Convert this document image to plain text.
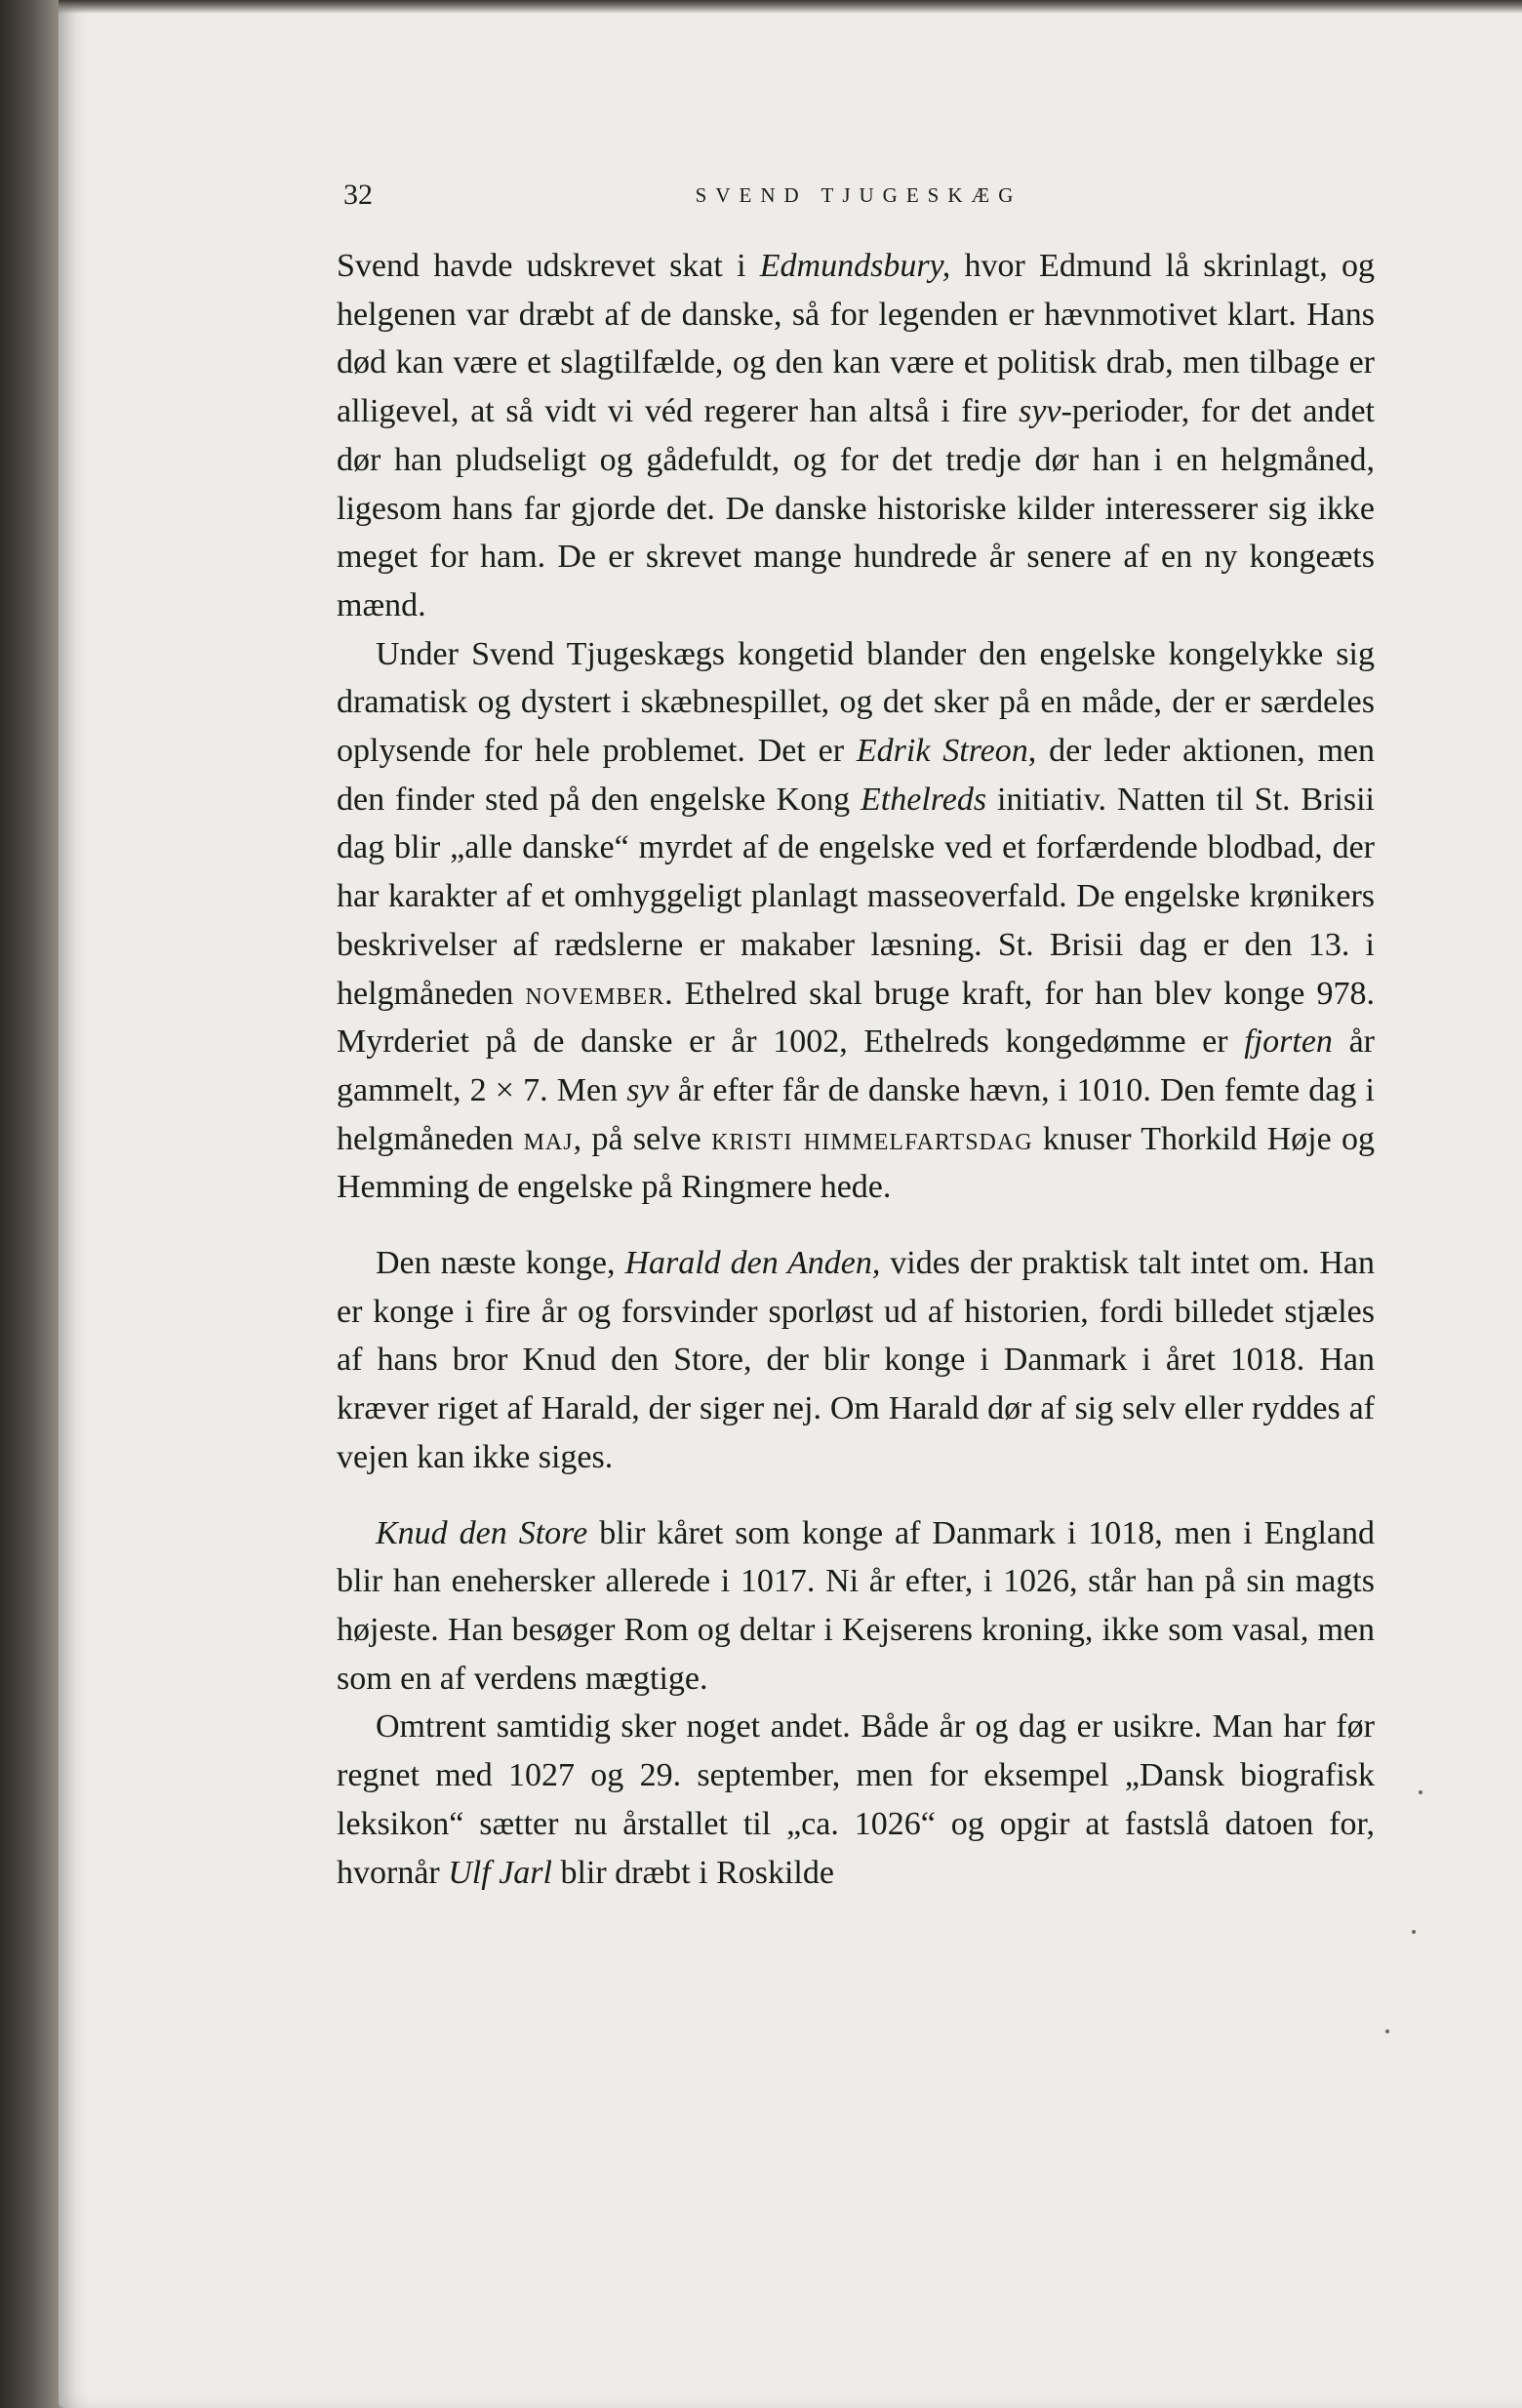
32	SVEND TJUGESKÆG

Svend havde udskrevet skat i Edmundsbury, hvor Edmund lå skrinlagt, og helgenen var dræbt af de danske, så for legenden er hævnmotivet klart. Hans død kan være et slagtilfælde, og den kan være et politisk drab, men tilbage er alligevel, at så vidt vi véd regerer han altså i fire syv-perioder, for det andet dør han pludseligt og gådefuldt, og for det tredje dør han i en helgmåned, ligesom hans far gjorde det. De danske historiske kilder interesserer sig ikke meget for ham. De er skrevet mange hundrede år senere af en ny kongeæts mænd.

Under Svend Tjugeskægs kongetid blander den engelske kongelykke sig dramatisk og dystert i skæbnespillet, og det sker på en måde, der er særdeles oplysende for hele problemet. Det er Edrik Streon, der leder aktionen, men den finder sted på den engelske Kong Ethelreds initiativ. Natten til St. Brisii dag blir „alle danske“ myrdet af de engelske ved et forfærdende blodbad, der har karakter af et omhyggeligt planlagt masseoverfald. De engelske krønikers beskrivelser af rædslerne er makaber læsning. St. Brisii dag er den 13. i helgmåneden november. Ethelred skal bruge kraft, for han blev konge 978. Myrderiet på de danske er år 1002, Ethelreds kongedømme er fjorten år gammelt, 2 × 7. Men syv år efter får de danske hævn, i 1010. Den femte dag i helgmåneden maj, på selve kristi himmelfartsdag knuser Thorkild Høje og Hemming de engelske på Ringmere hede.

Den næste konge, Harald den Anden, vides der praktisk talt intet om. Han er konge i fire år og forsvinder sporløst ud af historien, fordi billedet stjæles af hans bror Knud den Store, der blir konge i Danmark i året 1018. Han kræver riget af Harald, der siger nej. Om Harald dør af sig selv eller ryddes af vejen kan ikke siges.

Knud den Store blir kåret som konge af Danmark i 1018, men i England blir han enehersker allerede i 1017. Ni år efter, i 1026, står han på sin magts højeste. Han besøger Rom og deltar i Kejserens kroning, ikke som vasal, men som en af verdens mægtige.

Omtrent samtidig sker noget andet. Både år og dag er usikre. Man har før regnet med 1027 og 29. september, men for eksempel „Dansk biografisk leksikon“ sætter nu årstallet til „ca. 1026“ og opgir at fastslå datoen for, hvornår Ulf Jarl blir dræbt i Roskilde
